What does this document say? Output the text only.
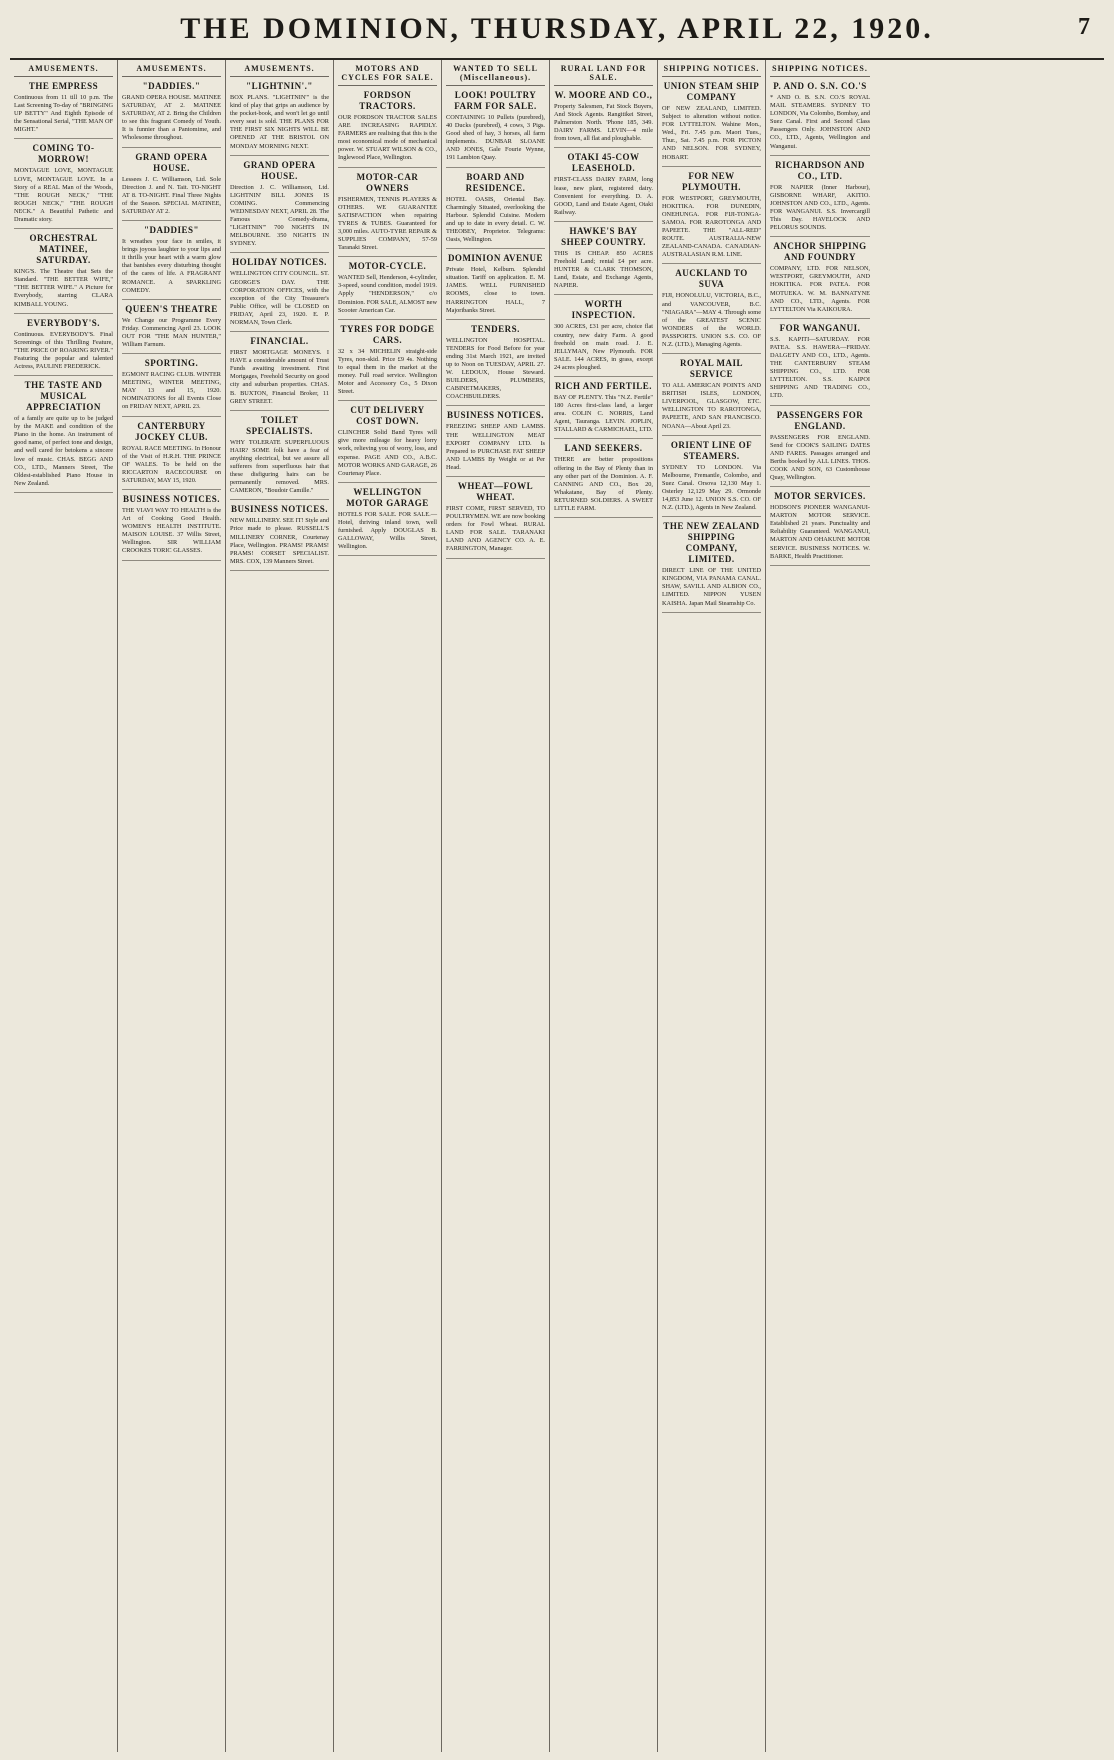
THE DOMINION, THURSDAY, APRIL 22, 1920.	7
AMUSEMENTS.
THE EMPRESS
Continuous from 11 till 10 p.m. The Last Screening To-day of "BRINGING UP BETTY" And Eighth Episode of the Sensational Serial, "THE MAN OF MIGHT."
COMING TO-MORROW!
MONTAGUE LOVE, MONTAGUE LOVE, MONTAGUE LOVE. In a Story of a REAL Man of the Woods, "THE ROUGH NECK," "THE ROUGH NECK," "THE ROUGH NECK." A Beautiful Pathetic and Dramatic story.
ORCHESTRAL MATINEE, SATURDAY.
KING'S. The Theatre that Sets the Standard. "THE BETTER WIFE," "THE BETTER WIFE." A Picture for Everybody, starring CLARA KIMBALL YOUNG.
EVERYBODY'S.
Continuous. EVERYBODY'S. Final Screenings of this Thrilling Feature, "THE PRICE OF ROARING RIVER." Featuring the popular and talented Actress, PAULINE FREDERICK.
THE TASTE AND MUSICAL APPRECIATION
of a family are quite up to be judged by the MAKE and condition of the Piano in the home. An instrument of good name, of perfect tone and design, and well cared for betokens a sincere love of music. CHAS. BEGG AND CO., LTD., Manners Street, The Oldest-established Piano House in New Zealand.
AMUSEMENTS.
"DADDIES."
GRAND OPERA HOUSE. MATINEE SATURDAY, AT 2. MATINEE SATURDAY, AT 2. Bring the Children to see this fragrant Comedy of Youth. It is funnier than a Pantomime, and Wholesome throughout.
GRAND OPERA HOUSE.
Lessees J. C. Williamson, Ltd. Sole Direction J. and N. Tait. TO-NIGHT AT 8. TO-NIGHT. Final Three Nights of the Season. SPECIAL MATINEE, SATURDAY AT 2.
"DADDIES"
It wreathes your face in smiles, it brings joyous laughter to your lips and it thrills your heart with a warm glow that banishes every disturbing thought of the cares of life. A FRAGRANT ROMANCE. A SPARKLING COMEDY.
QUEEN'S THEATRE
We Change our Programme Every Friday. Commencing April 23. LOOK OUT FOR "THE MAN HUNTER," William Farnum.
SPORTING.
EGMONT RACING CLUB. WINTER MEETING, WINTER MEETING, MAY 13 and 15, 1920. NOMINATIONS for all Events Close on FRIDAY NEXT, APRIL 23.
CANTERBURY JOCKEY CLUB.
ROYAL RACE MEETING. In Honour of the Visit of H.R.H. THE PRINCE OF WALES. To be held on the RICCARTON RACECOURSE on SATURDAY, MAY 15, 1920.
BUSINESS NOTICES.
THE VIAVI WAY TO HEALTH is the Art of Cooking Good Health. WOMEN'S HEALTH INSTITUTE. MAISON LOUISE. 37 Willis Street, Wellington. SIR WILLIAM CROOKES TORIC GLASSES.
AMUSEMENTS.
"LIGHTNIN'."
BOX PLANS. "LIGHTNIN'" is the kind of play that grips an audience by the pocket-book, and won't let go until every seat is sold. THE PLANS FOR THE FIRST SIX NIGHTS WILL BE OPENED AT THE BRISTOL ON MONDAY MORNING NEXT.
GRAND OPERA HOUSE.
Direction J. C. Williamson, Ltd. LIGHTNIN' BILL JONES IS COMING. Commencing WEDNESDAY NEXT, APRIL 28. The Famous Comedy-drama, "LIGHTNIN'" 700 NIGHTS IN MELBOURNE. 350 NIGHTS IN SYDNEY.
HOLIDAY NOTICES.
WELLINGTON CITY COUNCIL. ST. GEORGE'S DAY. THE CORPORATION OFFICES, with the exception of the City Treasurer's Public Office, will be CLOSED on FRIDAY, April 23, 1920. E. P. NORMAN, Town Clerk.
FINANCIAL.
FIRST MORTGAGE MONEYS. I HAVE a considerable amount of Trust Funds awaiting investment. First Mortgages, Freehold Security on good city and suburban properties. CHAS. B. BUXTON, Financial Broker, 11 GREY STREET.
TOILET SPECIALISTS.
WHY TOLERATE SUPERFLUOUS HAIR? SOME folk have a fear of anything electrical, but we assure all sufferers from superfluous hair that these disfiguring hairs can be permanently removed. MRS. CAMERON, "Boudoir Camille."
BUSINESS NOTICES.
NEW MILLINERY. SEE IT! Style and Price made to please. RUSSELL'S MILLINERY CORNER, Courtenay Place, Wellington. PRAMS! PRAMS! PRAMS! CORSET SPECIALIST. MRS. COX, 139 Manners Street.
MOTORS AND CYCLES FOR SALE.
FORDSON TRACTORS.
OUR FORDSON TRACTOR SALES ARE INCREASING RAPIDLY. FARMERS are realising that this is the most economical mode of mechanical power. W. STUART WILSON & CO., Inglewood Place, Wellington.
MOTOR-CAR OWNERS
FISHERMEN, TENNIS PLAYERS & OTHERS. WE GUARANTEE SATISFACTION when repairing TYRES & TUBES. Guaranteed for 3,000 miles. AUTO-TYRE REPAIR & SUPPLIES COMPANY, 57-59 Taranaki Street.
MOTOR-CYCLE.
WANTED Sell, Henderson, 4-cylinder, 3-speed, sound condition, model 1919. Apply "HENDERSON," c/o Dominion. FOR SALE, ALMOST new Scooter American Car.
TYRES FOR DODGE CARS.
32 x 34 MICHELIN straight-side Tyres, non-skid. Price £9 4s. Nothing to equal them in the market at the money. Full road service. Wellington Motor and Accessory Co., 5 Dixon Street.
CUT DELIVERY COST DOWN.
CLINCHER Solid Band Tyres will give more mileage for heavy lorry work, relieving you of worry, loss, and expense. PAGE AND CO., A.B.C. MOTOR WORKS AND GARAGE, 26 Courtenay Place.
WELLINGTON MOTOR GARAGE
HOTELS FOR SALE. FOR SALE.—Hotel, thriving inland town, well furnished. Apply DOUGLAS B. GALLOWAY, Willis Street, Wellington.
WANTED TO SELL (Miscellaneous).
LOOK! POULTRY FARM FOR SALE.
CONTAINING 10 Pullets (purebred), 40 Ducks (purebred), 4 cows, 3 Pigs. Good shed of hay, 3 horses, all farm implements. DUNBAR SLOANE AND JONES, Gale Fourie Wynne, 191 Lambton Quay.
BOARD AND RESIDENCE.
HOTEL OASIS, Oriental Bay. Charmingly Situated, overlooking the Harbour. Splendid Cuisine. Modern and up to date in every detail. C. W. THEOBEY, Proprietor. Telegrams: Oasis, Wellington.
DOMINION AVENUE
Private Hotel, Kelburn. Splendid situation. Tariff on application. E. M. JAMES. WELL FURNISHED ROOMS, close to town. HARRINGTON HALL, 7 Majoribanks Street.
TENDERS.
WELLINGTON HOSPITAL. TENDERS for Food Before for year ending 31st March 1921, are invited up to Noon on TUESDAY, APRIL 27. W. LEDOUX, House Steward. BUILDERS, PLUMBERS, CABINETMAKERS, COACHBUILDERS.
BUSINESS NOTICES.
FREEZING SHEEP AND LAMBS. THE WELLINGTON MEAT EXPORT COMPANY LTD. Is Prepared to PURCHASE FAT SHEEP AND LAMBS By Weight or at Per Head.
WHEAT—FOWL WHEAT.
FIRST COME, FIRST SERVED, TO POULTRYMEN. WE are now booking orders for Fowl Wheat. RURAL LAND FOR SALE. TARANAKI LAND AND AGENCY CO. A. E. FARRINGTON, Manager.
RURAL LAND FOR SALE.
W. MOORE AND CO.,
Property Salesmen, Fat Stock Buyers, And Stock Agents. Rangitikei Street, Palmerston North. 'Phone 185, 349. DAIRY FARMS. LEVIN—4 mile from town, all flat and ploughable.
OTAKI 45-COW LEASEHOLD.
FIRST-CLASS DAIRY FARM, long lease, new plant, registered dairy. Convenient for everything. D. A. GOOD, Land and Estate Agent, Otaki Railway.
HAWKE'S BAY SHEEP COUNTRY.
THIS IS CHEAP. 850 ACRES Freehold Land; rental £4 per acre. HUNTER & CLARK THOMSON, Land, Estate, and Exchange Agents, NAPIER.
WORTH INSPECTION.
300 ACRES, £31 per acre, choice flat country, new dairy Farm. A good freehold on main road. J. E. JELLYMAN, New Plymouth. FOR SALE. 144 ACRES, in grass, except 24 acres ploughed.
RICH AND FERTILE.
BAY OF PLENTY. This "N.Z. Fertile" 180 Acres first-class land, a larger area. COLIN C. NORRIS, Land Agent, Tauranga. LEVIN. JOPLIN, STALLARD & CARMICHAEL, LTD.
LAND SEEKERS.
THERE are better propositions offering in the Bay of Plenty than in any other part of the Dominion. A. F. CANNING AND CO., Box 20, Whakatane, Bay of Plenty. RETURNED SOLDIERS. A SWEET LITTLE FARM.
SHIPPING NOTICES.
UNION STEAM SHIP COMPANY
OF NEW ZEALAND, LIMITED. Subject to alteration without notice. FOR LYTTELTON. Wahine Mon., Wed., Fri. 7.45 p.m. Maori Tues., Thur., Sat. 7.45 p.m. FOR PICTON AND NELSON. FOR SYDNEY, HOBART.
FOR NEW PLYMOUTH.
FOR WESTPORT, GREYMOUTH, HOKITIKA. FOR DUNEDIN, ONEHUNGA. FOR FIJI-TONGA-SAMOA. FOR RAROTONGA AND PAPEETE. THE "ALL-RED" ROUTE. AUSTRALIA-NEW ZEALAND-CANADA. CANADIAN-AUSTRALASIAN R.M. LINE.
AUCKLAND TO SUVA
FIJI, HONOLULU, VICTORIA, B.C., and VANCOUVER, B.C. "NIAGARA"—MAY 4. Through some of the GREATEST SCENIC WONDERS of the WORLD. PASSPORTS. UNION S.S. CO. OF N.Z. (LTD.), Managing Agents.
ROYAL MAIL SERVICE
TO ALL AMERICAN POINTS AND BRITISH ISLES, LONDON, LIVERPOOL, GLASGOW, ETC. WELLINGTON TO RAROTONGA, PAPEETE, AND SAN FRANCISCO. NOANA—About April 23.
ORIENT LINE OF STEAMERS.
SYDNEY TO LONDON. Via Melbourne, Fremantle, Colombo, and Suez Canal. Orsova 12,130 May 1. Osterley 12,129 May 29. Ormonde 14,853 June 12. UNION S.S. CO. OF N.Z. (LTD.), Agents in New Zealand.
THE NEW ZEALAND SHIPPING COMPANY, LIMITED.
DIRECT LINE OF THE UNITED KINGDOM, VIA PANAMA CANAL. SHAW, SAVILL AND ALBION CO., LIMITED. NIPPON YUSEN KAISHA. Japan Mail Steamship Co.
SHIPPING NOTICES.
P. AND O. S.N. CO.'S
* AND O. B. S.N. CO.'S ROYAL MAIL STEAMERS. SYDNEY TO LONDON, Via Colombo, Bombay, and Suez Canal. First and Second Class Passengers Only. JOHNSTON AND CO., LTD., Agents, Wellington and Wanganui.
RICHARDSON AND CO., LTD.
FOR NAPIER (Inner Harbour), GISBORNE WHARF, AKITIO. JOHNSTON AND CO., LTD., Agents. FOR WANGANUI. S.S. Invercargill This Day. HAVELOCK AND PELORUS SOUNDS.
ANCHOR SHIPPING AND FOUNDRY
COMPANY, LTD. FOR NELSON, WESTPORT, GREYMOUTH, AND HOKITIKA. FOR PATEA. FOR MOTUEKA. W. M. BANNATYNE AND CO., LTD., Agents. FOR LYTTELTON Via KAIKOURA.
FOR WANGANUI.
S.S. KAPITI—SATURDAY. FOR PATEA. S.S. HAWERA—FRIDAY. DALGETY AND CO., LTD., Agents. THE CANTERBURY STEAM SHIPPING CO., LTD. FOR LYTTELTON. S.S. KAIPOI SHIPPING AND TRADING CO., LTD.
PASSENGERS FOR ENGLAND.
PASSENGERS FOR ENGLAND. Send for COOK'S SAILING DATES AND FARES. Passages arranged and Berths booked by ALL LINES. THOS. COOK AND SON, 63 Customhouse Quay, Wellington.
MOTOR SERVICES.
HODSON'S PIONEER WANGANUI-MARTON MOTOR SERVICE. Established 21 years. Punctuality and Reliability Guaranteed. WANGANUI, MARTON AND OHAKUNE MOTOR SERVICE. BUSINESS NOTICES. W. BARKE, Health Practitioner.
